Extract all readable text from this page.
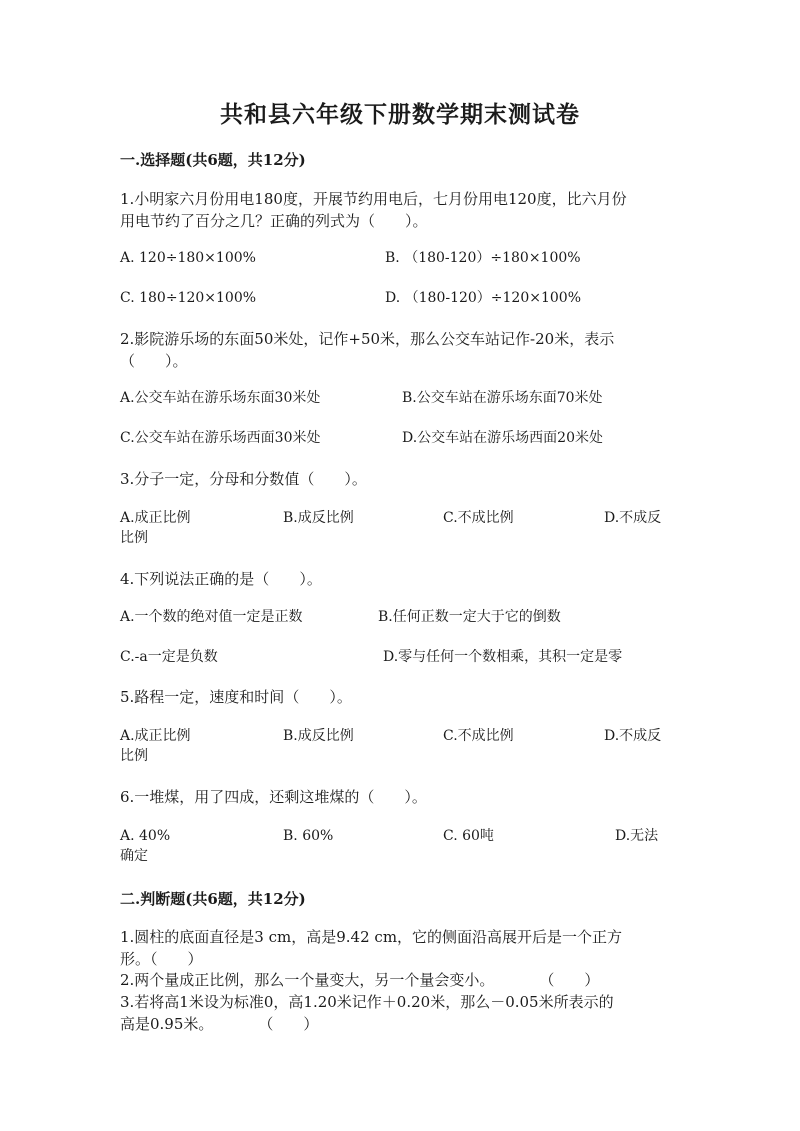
共和县六年级下册数学期末测试卷
一.选择题(共6题，共12分)
1.小明家六月份用电180度，开展节约用电后，七月份用电120度，比六月份
用电节约了百分之几？正确的列式为（　　）。
A. 120÷180×100%	B. （180-120）÷180×100%
C. 180÷120×100%	D. （180-120）÷120×100%
2.影院游乐场的东面50米处，记作+50米，那么公交车站记作-20米，表示
（　　）。
A.公交车站在游乐场东面30米处	B.公交车站在游乐场东面70米处
C.公交车站在游乐场西面30米处	D.公交车站在游乐场西面20米处
3.分子一定，分母和分数值（　　）。
A.成正比例	B.成反比例	C.不成比例	D.不成反
比例
4.下列说法正确的是（　　）。
A.一个数的绝对值一定是正数	B.任何正数一定大于它的倒数
C.-a一定是负数	D.零与任何一个数相乘，其积一定是零
5.路程一定，速度和时间（　　）。
A.成正比例	B.成反比例	C.不成比例	D.不成反
比例
6.一堆煤，用了四成，还剩这堆煤的（　　）。
A. 40%	B. 60%	C. 60吨	D.无法
确定
二.判断题(共6题，共12分)
1.圆柱的底面直径是3 cm，高是9.42 cm，它的侧面沿高展开后是一个正方
形。（　　）
2.两个量成正比例，那么一个量变大，另一个量会变小。　　　　（　　）
3.若将高1米设为标准0，高1.20米记作＋0.20米，那么－0.05米所表示的
高是0.95米。　　　　（　　）
